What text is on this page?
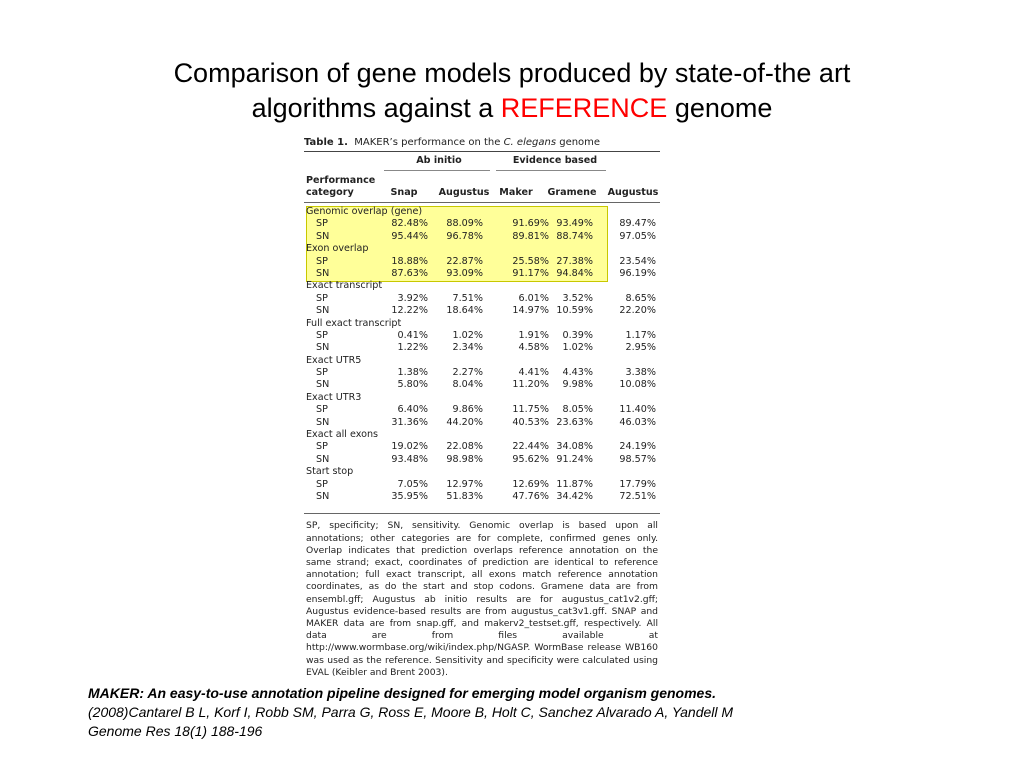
Comparison of gene models produced by state-of-the art
algorithms against a REFERENCE genome
Table 1. MAKER’s performance on the C. elegans genome
Ab initio	Evidence based
Performance
category	Snap	Augustus	Maker	Gramene	Augustus
Genomic overlap (gene)
SP	82.48%	88.09%	91.69% 93.49%	89.47%
SN	95.44%	96.78%	89.81% 88.74%	97.05%
Exon overlap
SP	18.88%	22.87%	25.58% 27.38%	23.54%
SN	87.63%	93.09%	91.17% 94.84%	96.19%
Exact transcript
SP	3.92%	7.51%	6.01%	3.52%	8.65%
SN	12.22%	18.64%	14.97% 10.59%	22.20%
Full exact transcript
SP	0.41%	1.02%	1.91%	0.39%	1.17%
SN	1.22%	2.34%	4.58%	1.02%	2.95%
Exact UTR5
SP	1.38%	2.27%	4.41%	4.43%	3.38%
SN	5.80%	8.04%	11.20%	9.98%	10.08%
Exact UTR3
SP	6.40%	9.86%	11.75%	8.05%	11.40%
SN	31.36%	44.20%	40.53% 23.63%	46.03%
Exact all exons
SP	19.02%	22.08%	22.44% 34.08%	24.19%
SN	93.48%	98.98%	95.62% 91.24%	98.57%
Start stop
SP	7.05%	12.97%	12.69% 11.87%	17.79%
SN	35.95%	51.83%	47.76% 34.42%	72.51%
SP, specificity; SN, sensitivity. Genomic overlap is based upon all annotations; other categories are for complete, confirmed genes only. Overlap indicates that prediction overlaps reference annotation on the same strand; exact, coordinates of prediction are identical to reference annotation; full exact transcript, all exons match reference annotation coordinates, as do the start and stop codons. Gramene data are from ensembl.gff; Augustus ab initio results are for augustus_cat1v2.gff; Augustus evidence-based results are from augustus_cat3v1.gff. SNAP and MAKER data are from snap.gff, and makerv2_testset.gff, respectively. All data are from files available at http://www.wormbase.org/wiki/index.php/NGASP. WormBase release WB160 was used as the reference. Sensitivity and specificity were calculated using EVAL (Keibler and Brent 2003).
MAKER: An easy-to-use annotation pipeline designed for emerging model organism genomes.
(2008)Cantarel B L, Korf I, Robb SM, Parra G, Ross E, Moore B, Holt C, Sanchez Alvarado A, Yandell M
Genome Res 18(1) 188-196
